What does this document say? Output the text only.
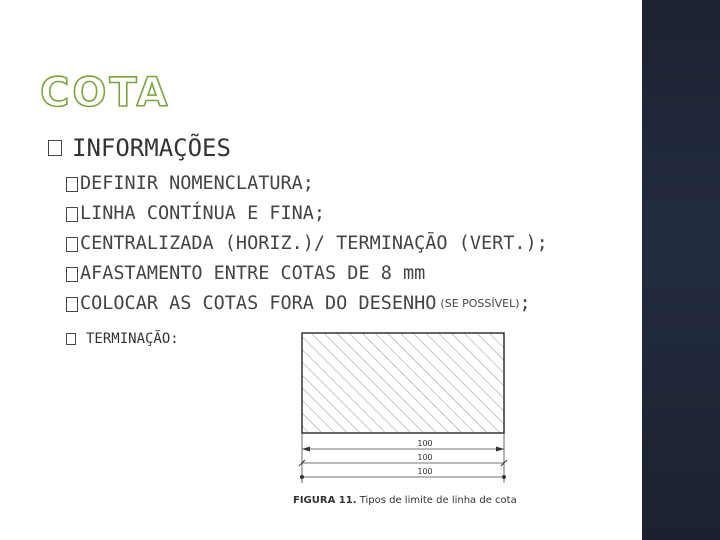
COTA
INFORMAÇÕES
DEFINIR NOMENCLATURA;
LINHA CONTÍNUA E FINA;
CENTRALIZADA (HORIZ.)/ TERMINAÇÃO (VERT.);
AFASTAMENTO ENTRE COTAS DE 8 mm
COLOCAR AS COTAS FORA DO DESENHO (SE POSSÍVEL) ;
TERMINAÇÃO:
100
100
100
FIGURA 11. Tipos de limite de linha de cota
